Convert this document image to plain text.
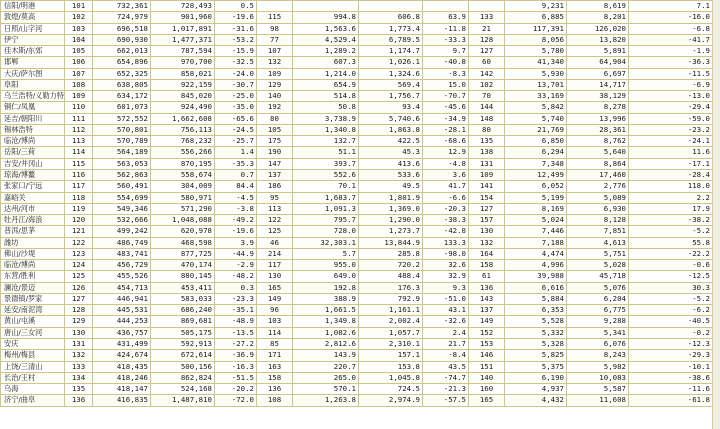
信阳/明港	101	732,361	728,493	0.5						9,231	8,619	7.1
敦煌/莫高	102	724,979	901,960	-19.6	115	994.8	606.8	63.9	133	6,885	8,201	-16.0
日照/山字河	103	696,518	1,017,891	-31.6	98	1,563.6	1,773.4	-11.8	21	117,391	126,020	-6.8
伊宁	104	690,930	1,477,371	-53.2	77	4,529.4	6,789.5	-33.3	128	8,056	13,820	-41.7
佳木斯/东郊	105	662,013	787,594	-15.9	107	1,289.2	1,174.7	9.7	127	5,780	5,891	-1.9
邯郸	106	654,896	970,700	-32.5	132	607.3	1,026.1	-40.8	60	41,340	64,904	-36.3
大庆/萨尔图	107	652,325	858,021	-24.0	109	1,214.0	1,324.6	-8.3	142	5,930	6,697	-11.5
阜阳	108	638,805	922,159	-30.7	129	654.9	569.4	15.0	102	13,701	14,717	-6.9
乌兰浩特/义勒力特	109	634,172	845,020	-25.0	140	514.8	1,756.7	-70.7	70	33,169	38,129	-13.0
铜仁/凤凰	110	601,073	924,490	-35.0	192	50.8	93.4	-45.6	144	5,842	8,278	-29.4
延吉/朝阳川	111	572,552	1,662,608	-65.6	80	3,738.9	5,740.6	-34.9	148	5,740	13,996	-59.0
锡林浩特	112	570,801	756,113	-24.5	105	1,340.8	1,863.8	-28.1	80	21,769	28,361	-23.2
临沧/博尚	113	570,789	768,232	-25.7	175	132.7	422.5	-68.6	135	6,850	8,762	-24.1
岳阳/三荷	114	564,189	556,266	1.4	190	51.1	45.3	12.9	138	6,294	5,640	11.6
吉安/井冈山	115	563,053	870,195	-35.3	147	393.7	413.6	-4.8	131	7,348	8,864	-17.1
琼海/博鳌	116	562,863	558,674	0.7	137	552.6	533.6	3.6	109	12,499	17,460	-28.4
张家口/宁远	117	560,491	304,009	84.4	186	70.1	49.5	41.7	141	6,052	2,776	118.0
嘉峪关	118	554,699	580,971	-4.5	95	1,683.7	1,801.9	-6.6	154	5,199	5,089	2.2
达州/河市	119	549,346	571,290	-3.8	113	1,091.3	1,369.0	-20.3	127	8,169	6,930	17.9
牡丹江/海浪	120	532,666	1,048,088	-49.2	122	795.7	1,290.0	-38.3	157	5,024	8,128	-38.2
普洱/思茅	121	499,242	620,978	-19.6	125	728.0	1,273.7	-42.8	130	7,446	7,851	-5.2
潍坊	122	486,749	468,598	3.9	46	32,303.1	13,844.9	133.3	132	7,188	4,613	55.8
佛山/沙堤	123	483,741	877,725	-44.9	214	5.7	285.8	-98.0	164	4,474	5,751	-22.2
临沧/博尚	124	456,729	470,174	-2.9	117	955.0	720.2	32.6	158	4,996	5,028	-0.6
东营/胜利	125	455,526	880,145	-48.2	130	649.0	488.4	32.9	61	39,988	45,718	-12.5
澜沧/景迈	126	454,713	453,411	0.3	165	192.8	176.3	9.3	136	6,616	5,076	30.3
景德镇/罗家	127	446,941	583,033	-23.3	149	388.9	792.9	-51.0	143	5,884	6,204	-5.2
延安/南泥湾	128	445,531	686,240	-35.1	96	1,661.5	1,161.1	43.1	137	6,353	6,775	-6.2
黄山/屯溪	129	444,253	869,681	-48.9	103	1,349.8	2,002.4	-32.6	149	5,528	9,288	-40.5
唐山/三女河	130	436,757	505,175	-13.5	114	1,082.6	1,057.7	2.4	152	5,332	5,341	-0.2
安庆	131	431,499	592,913	-27.2	85	2,812.6	2,310.1	21.7	153	5,328	6,076	-12.3
梅州/梅县	132	424,674	672,614	-36.9	171	143.9	157.1	-8.4	146	5,825	8,243	-29.3
上饶/三清山	133	418,435	500,156	-16.3	163	220.7	153.8	43.5	151	5,375	5,982	-10.1
长治/王村	134	418,246	862,824	-51.5	158	265.0	1,045.8	-74.7	140	6,190	10,083	-38.6
乌海	135	418,147	524,168	-20.2	136	570.1	724.5	-21.3	160	4,937	5,587	-11.6
济宁/曲阜	136	416,835	1,487,810	-72.0	108	1,263.8	2,974.9	-57.5	165	4,432	11,608	-61.8
